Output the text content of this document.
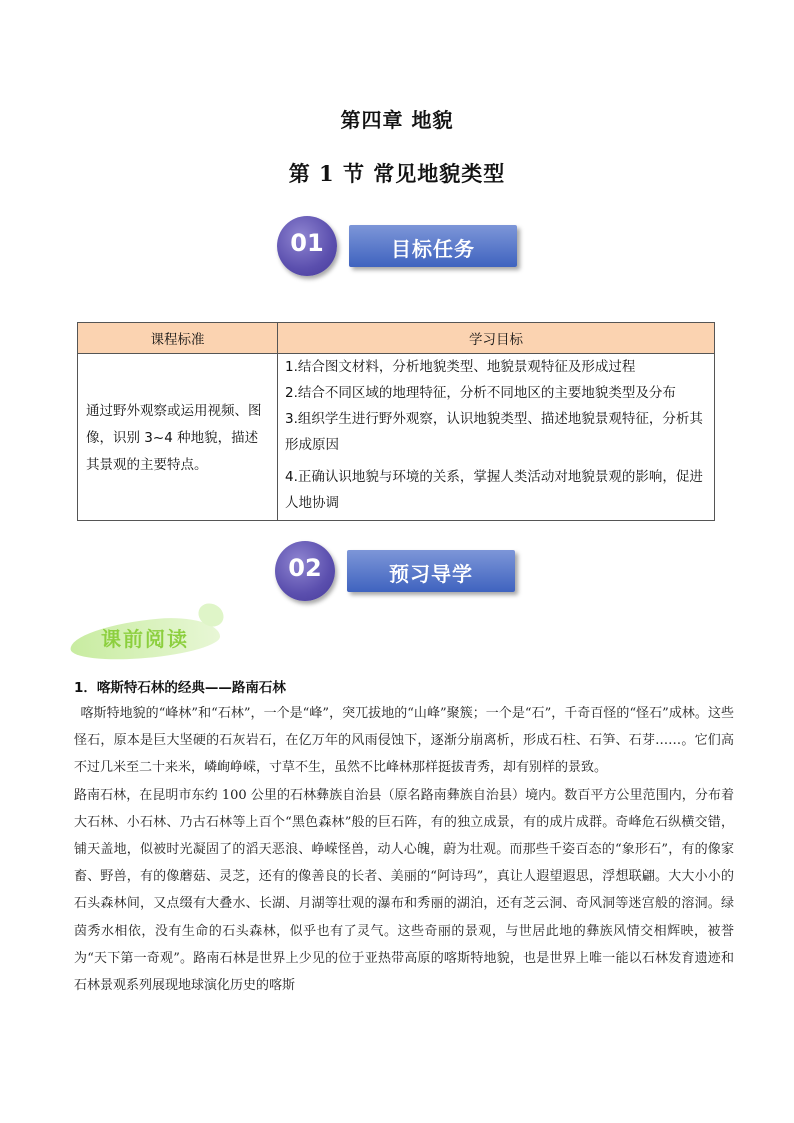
第四章 地貌
第 1 节 常见地貌类型
01	目标任务
课程标准	学习目标
通过野外观察或运用视频、图像，识别 3~4 种地貌，描述其景观的主要特点。	1.结合图文材料，分析地貌类型、地貌景观特征及形成过程
2.结合不同区域的地理特征，分析不同地区的主要地貌类型及分布
3.组织学生进行野外观察，认识地貌类型、描述地貌景观特征，分析其形成原因
4.正确认识地貌与环境的关系，掌握人类活动对地貌景观的影响，促进人地协调
02	预习导学
课前阅读
1．喀斯特石林的经典——路南石林

喀斯特地貌的“峰林”和“石林”，一个是“峰”，突兀拔地的“山峰”聚簇；一个是“石”，千奇百怪的“怪石”成林。这些怪石，原本是巨大坚硬的石灰岩石，在亿万年的风雨侵蚀下，逐渐分崩离析，形成石柱、石笋、石芽……。它们高不过几米至二十来米，嶙峋峥嵘，寸草不生，虽然不比峰林那样挺拔青秀，却有别样的景致。

路南石林，在昆明市东约 100 公里的石林彝族自治县（原名路南彝族自治县）境内。数百平方公里范围内，分布着大石林、小石林、乃古石林等上百个“黑色森林”般的巨石阵，有的独立成景，有的成片成群。奇峰危石纵横交错，铺天盖地，似被时光凝固了的滔天恶浪、峥嵘怪兽，动人心魄，蔚为壮观。而那些千姿百态的“象形石”，有的像家畜、野兽，有的像蘑菇、灵芝，还有的像善良的长者、美丽的“阿诗玛”，真让人遐望遐思，浮想联翩。大大小小的石头森林间，又点缀有大叠水、长湖、月湖等壮观的瀑布和秀丽的湖泊，还有芝云洞、奇风洞等迷宫般的溶洞。绿茵秀水相依，没有生命的石头森林，似乎也有了灵气。这些奇丽的景观，与世居此地的彝族风情交相辉映，被誉为“天下第一奇观”。路南石林是世界上少见的位于亚热带高原的喀斯特地貌，也是世界上唯一能以石林发育遗迹和石林景观系列展现地球演化历史的喀斯
